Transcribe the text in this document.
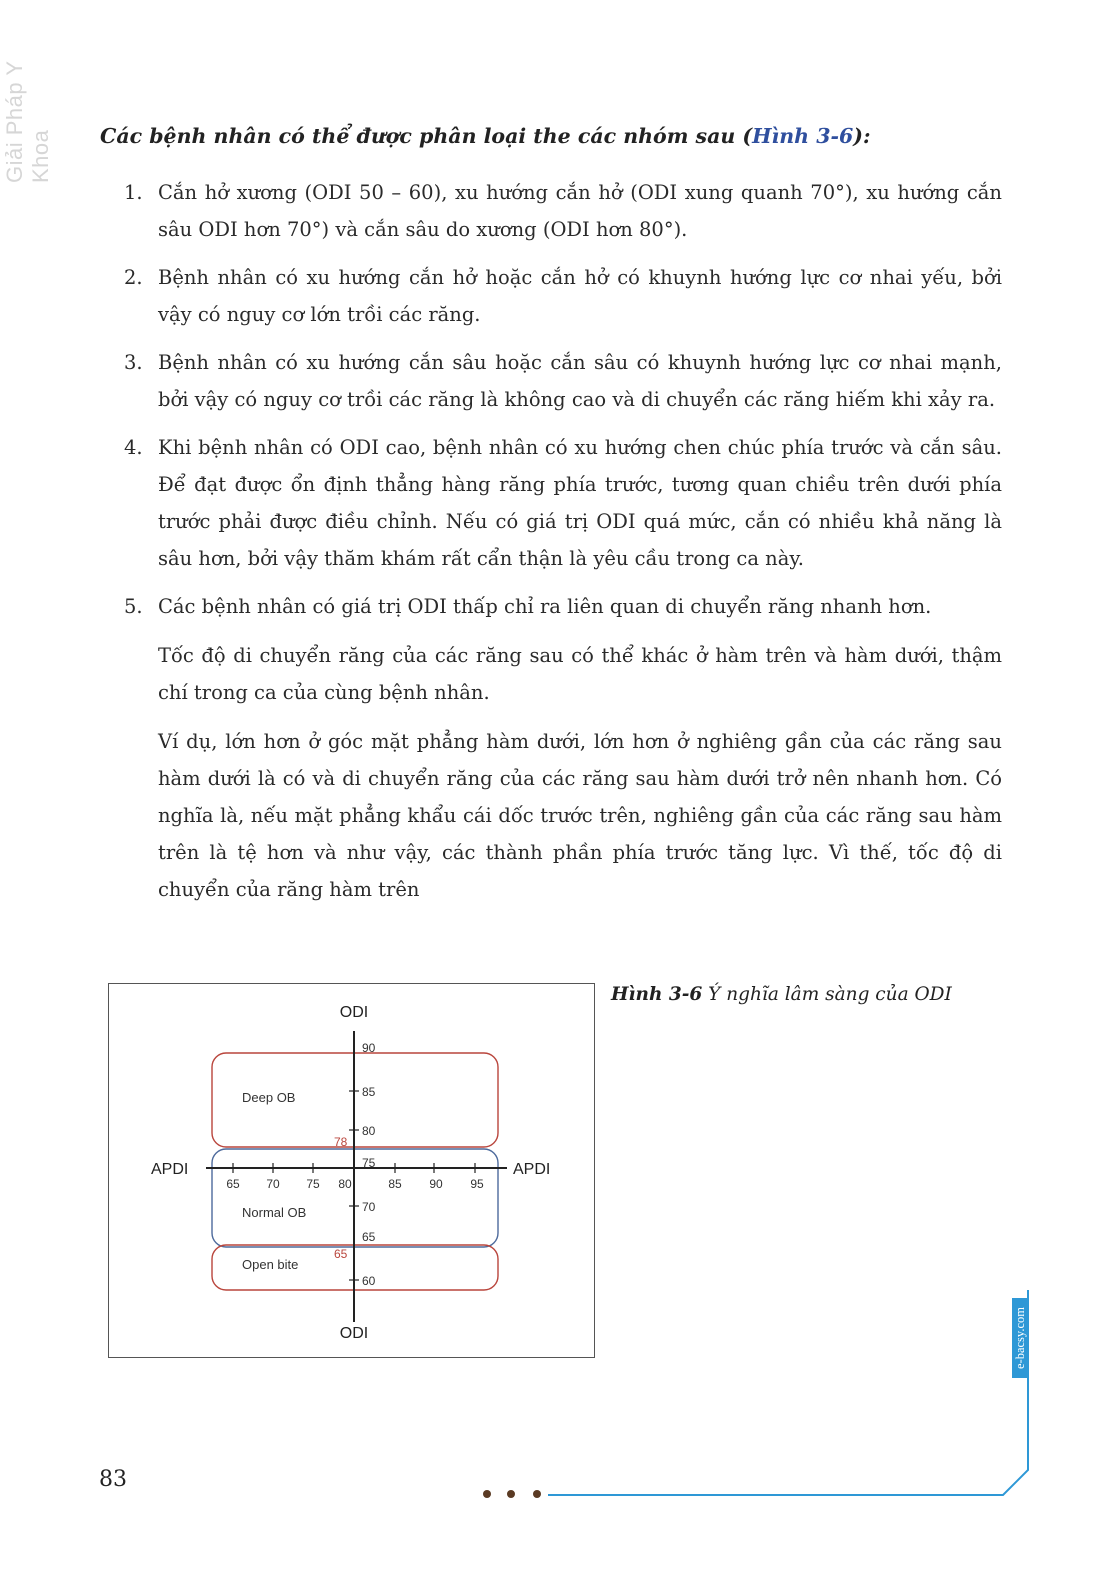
Giải Pháp Y Khoa Các bệnh nhân có thể được phân loại the các nhóm sau (Hình 3-6):
1. Cắn hở xương (ODI 50 – 60), xu hướng cắn hở (ODI xung quanh 70°), xu hướng cắn sâu ODI hơn 70°) và cắn sâu do xương (ODI hơn 80°).
2. Bệnh nhân có xu hướng cắn hở hoặc cắn hở có khuynh hướng lực cơ nhai yếu, bởi vậy có nguy cơ lớn trồi các răng.
3. Bệnh nhân có xu hướng cắn sâu hoặc cắn sâu có khuynh hướng lực cơ nhai mạnh, bởi vậy có nguy cơ trồi các răng là không cao và di chuyển các răng hiếm khi xảy ra.
4. Khi bệnh nhân có ODI cao, bệnh nhân có xu hướng chen chúc phía trước và cắn sâu. Để đạt được ổn định thẳng hàng răng phía trước, tương quan chiều trên dưới phía trước phải được điều chỉnh. Nếu có giá trị ODI quá mức, cắn có nhiều khả năng là sâu hơn, bởi vậy thăm khám rất cẩn thận là yêu cầu trong ca này.
5. Các bệnh nhân có giá trị ODI thấp chỉ ra liên quan di chuyển răng nhanh hơn.

Tốc độ di chuyển răng của các răng sau có thể khác ở hàm trên và hàm dưới, thậm chí trong ca của cùng bệnh nhân.

Ví dụ, lớn hơn ở góc mặt phẳng hàm dưới, lớn hơn ở nghiêng gần của các răng sau hàm dưới là có và di chuyển răng của các răng sau hàm dưới trở nên nhanh hơn. Có nghĩa là, nếu mặt phẳng khẩu cái dốc trước trên, nghiêng gần của các răng sau hàm trên là tệ hơn và như vậy, các thành phần phía trước tăng lực. Vì thế, tốc độ di chuyển của răng hàm trên

ODI
ODI
APDI	APDI
65 70 75 80	85 90 95
90
85
80
75
70
65
60
Deep OB
Normal OB
Open bite
78
65
Hình 3-6 Ý nghĩa lâm sàng của ODI
83
e-bacsy.com
